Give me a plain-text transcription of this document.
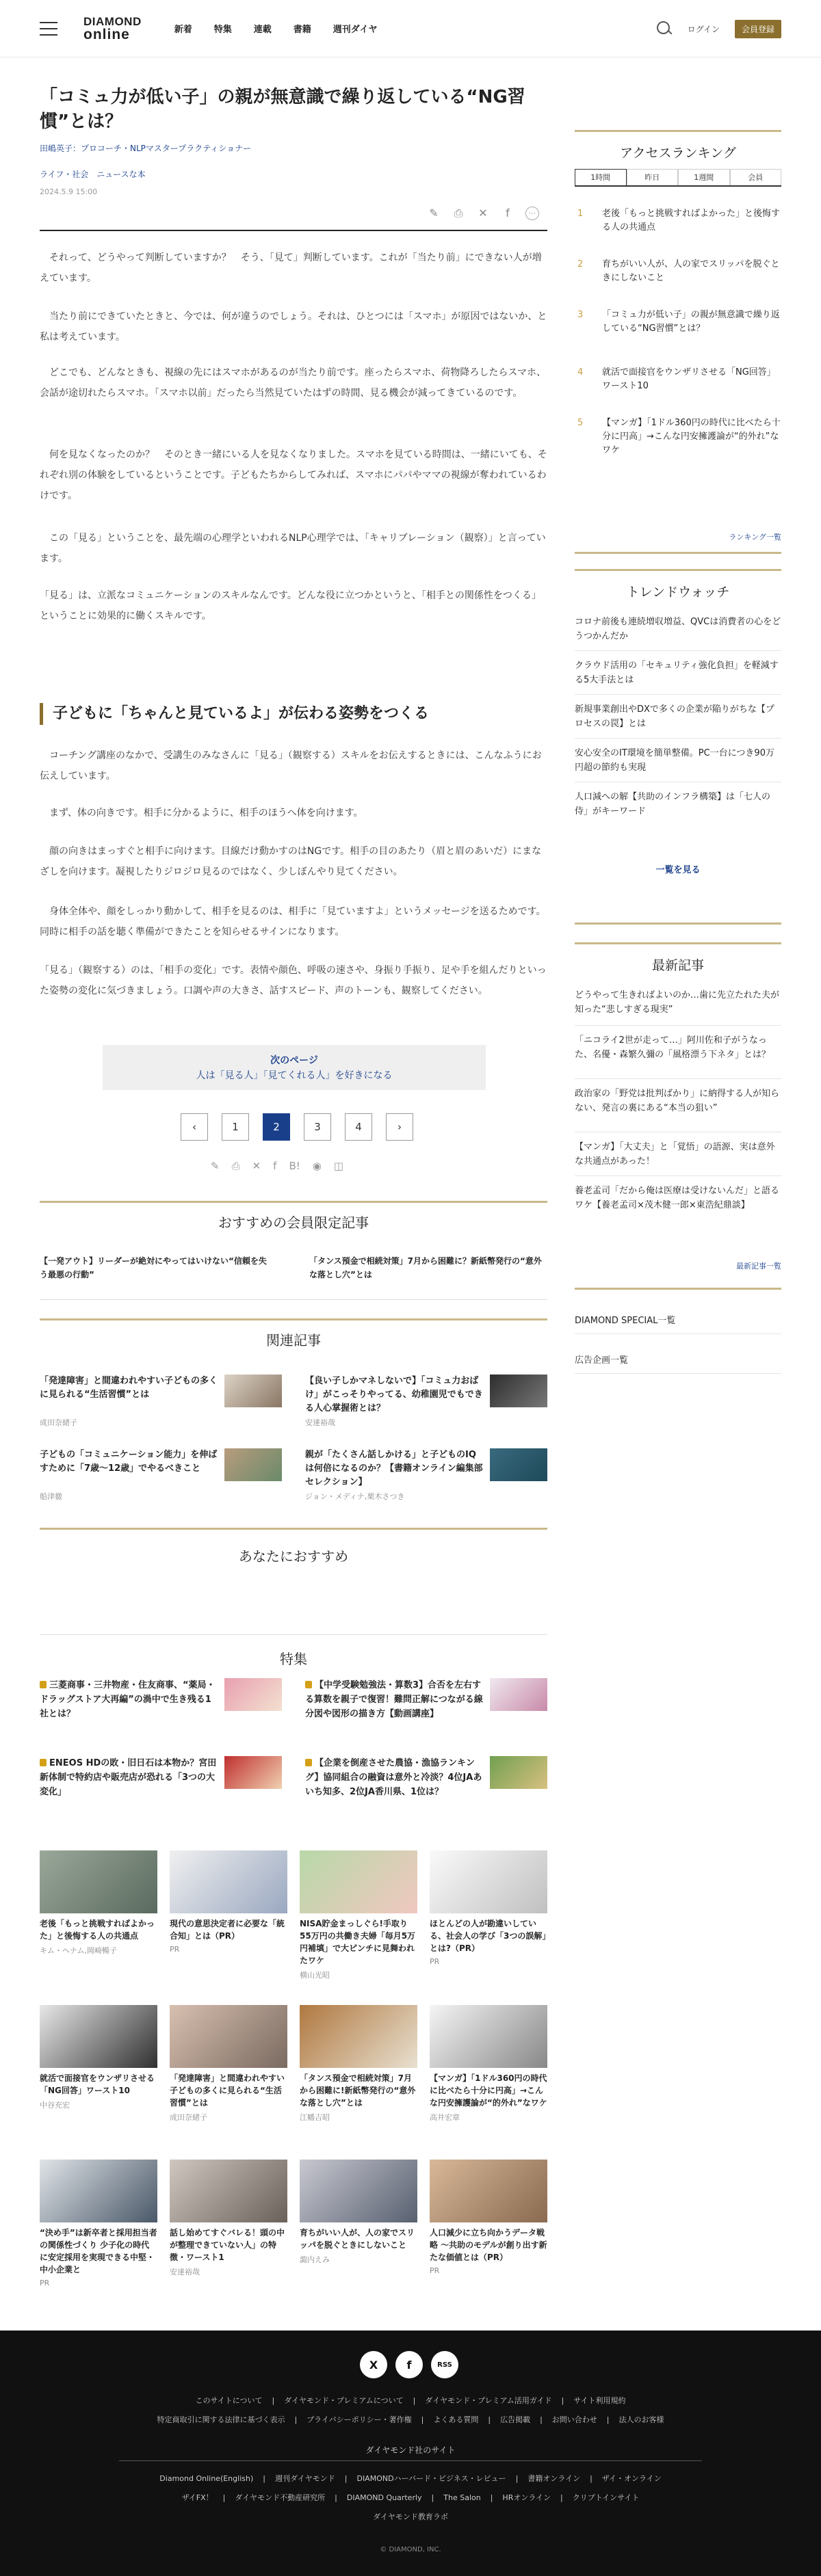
DIAMOND
online	新着 特集 連載 書籍 週刊ダイヤ	ログイン	会員登録
「コミュ力が低い子」の親が無意識で繰り返している“NG習慣”とは？
田嶋英子：プロコーチ・NLPマスタープラクティショナー
ライフ・社会　ニュースな本
2024.5.9 15:00
✎ ⎙ ✕	f	⋯

　それって、どうやって判断していますか？　そう、「見て」判断しています。これが「当たり前」にできない人が増えています。

　当たり前にできていたときと、今では、何が違うのでしょう。それは、ひとつには「スマホ」が原因ではないか、と私は考えています。

　どこでも、どんなときも、視線の先にはスマホがあるのが当たり前です。座ったらスマホ、荷物降ろしたらスマホ、会話が途切れたらスマホ。「スマホ以前」だったら当然見ていたはずの時間、見る機会が減ってきているのです。

　何を見なくなったのか？　そのとき一緒にいる人を見なくなりました。スマホを見ている時間は、一緒にいても、それぞれ別の体験をしているということです。子どもたちからしてみれば、スマホにパパやママの視線が奪われているわけです。

　この「見る」ということを、最先端の心理学といわれるNLP心理学では、「キャリブレーション（観察）」と言っています。

「見る」は、立派なコミュニケーションのスキルなんです。どんな役に立つかというと、「相手との関係性をつくる」ということに効果的に働くスキルです。

子どもに「ちゃんと見ているよ」が伝わる姿勢をつくる

　コーチング講座のなかで、受講生のみなさんに「見る」（観察する）スキルをお伝えするときには、こんなふうにお伝えしています。

　まず、体の向きです。相手に分かるように、相手のほうへ体を向けます。

　顔の向きはまっすぐと相手に向けます。目線だけ動かすのはNGです。相手の目のあたり（眉と眉のあいだ）にまなざしを向けます。凝視したりジロジロ見るのではなく、少しぼんやり見てください。

　身体全体や、顔をしっかり動かして、相手を見るのは、相手に「見ていますよ」というメッセージを送るためです。同時に相手の話を聴く準備ができたことを知らせるサインになります。

「見る」（観察する）のは、「相手の変化」です。表情や顔色、呼吸の速さや、身振り手振り、足や手を組んだりといった姿勢の変化に気づきましょう。口調や声の大きさ、話すスピード、声のトーンも、観察してください。

次のページ
人は「見る人」「見てくれる人」を好きになる
‹	1	2	3	4	›
✎ ⎙ ✕ f B! ◉ ◫
おすすめの会員限定記事
【一発アウト】リーダーが絶対にやってはいけない“信頼を失う最悪の行動”
「タンス預金で相続対策」7月から困難に？新紙幣発行の“意外な落とし穴”とは
関連記事
「発達障害」と間違われやすい子どもの多くに見られる“生活習慣”とは
成田奈緒子
【良い子しかマネしないで】「コミュ力おばけ」がこっそりやってる、幼稚園児でもできる人心掌握術とは？
安達裕哉
子どもの「コミュニケーション能力」を伸ばすために「7歳〜12歳」でやるべきこと
船津徹
親が「たくさん話しかける」と子どものIQは何倍になるのか？【書籍オンライン編集部セレクション】
ジョン・メディナ,栗木さつき
あなたにおすすめ
特集
三菱商事・三井物産・住友商事、“薬局・ドラッグストア大再編”の渦中で生き残る1社とは？
【中学受験勉強法・算数3】合否を左右する算数を親子で復習！難問正解につながる線分図や図形の描き方【動画講座】
ENEOS HDの敗・旧日石は本物か？宮田新体制で特約店や販売店が恐れる「3つの大変化」
【企業を倒産させた農協・漁協ランキング】協同組合の融資は意外と冷淡？4位JAあいち知多、2位JA香川県、1位は？
老後「もっと挑戦すればよかった」と後悔する人の共通点
キム・ヘナム,岡崎暢子
現代の意思決定者に必要な「統合知」とは（PR）
PR
NISA貯金まっしぐら!手取り55万円の共働き夫婦「毎月5万円補填」で大ピンチに見舞われたワケ
横山光昭
ほとんどの人が勘違いしている、社会人の学び「3つの誤解」とは?（PR）
PR
就活で面接官をウンザリさせる「NG回答」ワースト10
中谷充宏
「発達障害」と間違われやすい子どもの多くに見られる“生活習慣”とは
成田奈緒子
「タンス預金で相続対策」7月から困難に!新紙幣発行の“意外な落とし穴”とは
江幡吉昭
【マンガ】「1ドル360円の時代に比べたら十分に円高」→こんな円安擁護論が“的外れ”なワケ
高井宏章
“決め手”は新卒者と採用担当者の関係性づくり 少子化の時代に安定採用を実現できる中堅・中小企業と
PR
話し始めてすぐバレる！頭の中が整理できていない人」の特徴・ワースト1
安達裕哉
育ちがいい人が、人の家でスリッパを脱ぐときにしないこと
諏内えみ
人口減少に立ち向かうデータ戦略 ～共助のモデルが創り出す新たな価値とは（PR）
PR
アクセスランキング
1時間	昨日	1週間	会員
1 老後「もっと挑戦すればよかった」と後悔する人の共通点
2 育ちがいい人が、人の家でスリッパを脱ぐときにしないこと
3 「コミュ力が低い子」の親が無意識で繰り返している“NG習慣”とは？
4 就活で面接官をウンザリさせる「NG回答」ワースト10
5 【マンガ】「1ドル360円の時代に比べたら十分に円高」→こんな円安擁護論が“的外れ”なワケ
ランキング一覧
トレンドウォッチ
コロナ前後も連続増収増益、QVCは消費者の心をどうつかんだか
クラウド活用の「セキュリティ強化負担」を軽減する5大手法とは
新規事業創出やDXで多くの企業が陥りがちな【プロセスの罠】とは
安心安全のIT環境を簡単整備。PC一台につき90万円超の節約も実現
人口減への解【共助のインフラ構築】は「七人の侍」がキーワード
一覧を見る
最新記事
どうやって生きればよいのか…歯に先立たれた夫が知った“悲しすぎる現実”
「ニコライ2世が走って…」阿川佐和子がうなった、名優・森繁久彌の「風格漂う下ネタ」とは？
政治家の「野党は批判ばかり」に納得する人が知らない、発言の裏にある“本当の狙い”
【マンガ】「大丈夫」と「覚悟」の語源、実は意外な共通点があった！
養老孟司「だから俺は医療は受けないんだ」と語るワケ【養老孟司×茂木健一郎×東浩紀鼎談】
最新記事一覧
DIAMOND SPECIAL一覧
広告企画一覧
X	f	RSS
このサイトについて | ダイヤモンド・プレミアムについて | ダイヤモンド・プレミアム活用ガイド | サイト利用規約
特定商取引に関する法律に基づく表示 | プライバシーポリシー・著作権 | よくある質問 | 広告掲載 | お問い合わせ | 法人のお客様
ダイヤモンド社のサイト
Diamond Online(English) | 週刊ダイヤモンド | DIAMONDハーバード・ビジネス・レビュー | 書籍オンライン | ザイ・オンライン
ザイFX！ | ダイヤモンド不動産研究所 | DIAMOND Quarterly | The Salon | HRオンライン | クリプトインサイト
ダイヤモンド教育ラボ
© DIAMOND, INC.
